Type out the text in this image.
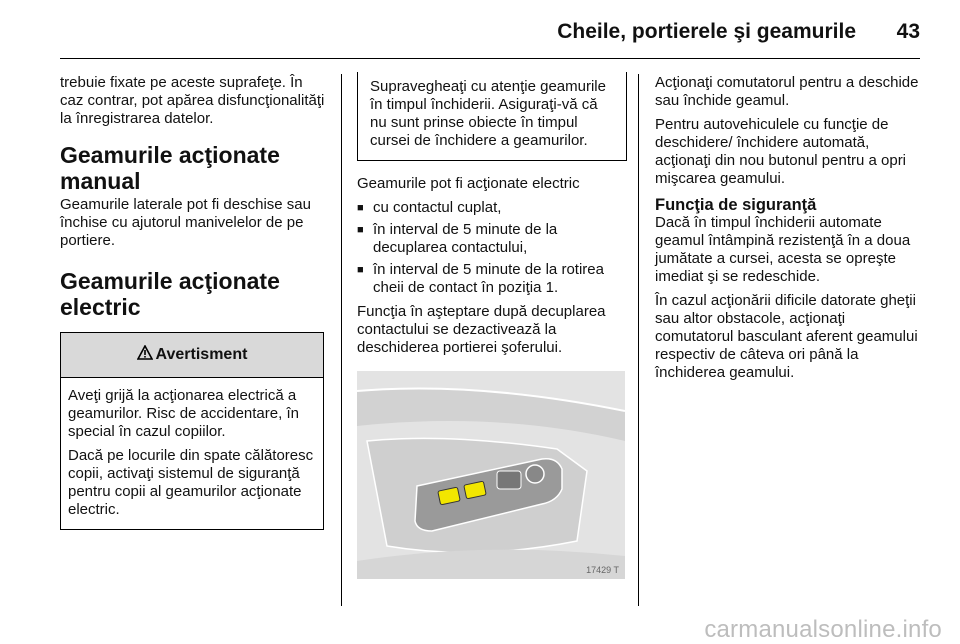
Cheile, portierele şi geamurile 43

trebuie fixate pe aceste suprafeţe. În caz contrar, pot apărea disfuncţionalităţi la înregistrarea datelor.

Geamurile acţionate manual

Geamurile laterale pot fi deschise sau închise cu ajutorul manivelelor de pe portiere.

Geamurile acţionate electric
Avertisment

Aveţi grijă la acţionarea electrică a geamurilor. Risc de accidentare, în special în cazul copiilor.

Dacă pe locurile din spate călătoresc copii, activaţi sistemul de siguranţă pentru copii al geamurilor acţionate electric.

Supravegheaţi cu atenţie geamurile în timpul închiderii. Asiguraţi-vă că nu sunt prinse obiecte în timpul cursei de închidere a geamurilor.

Geamurile pot fi acţionate electric

■ cu contactul cuplat,
■ în interval de 5 minute de la decuplarea contactului,
■ în interval de 5 minute de la rotirea cheii de contact în poziţia 1.

Funcţia în aşteptare după decuplarea contactului se dezactivează la deschiderea portierei şoferului.

17429 T

Acţionaţi comutatorul pentru a deschide sau închide geamul.

Pentru autovehiculele cu funcţie de deschidere/ închidere automată, acţionaţi din nou butonul pentru a opri mişcarea geamului.

Funcţia de siguranţă

Dacă în timpul închiderii automate geamul întâmpină rezistenţă în a doua jumătate a cursei, acesta se opreşte imediat şi se redeschide.

În cazul acţionării dificile datorate gheţii sau altor obstacole, acţionaţi comutatorul basculant aferent geamului respectiv de câteva ori până la închiderea geamului.

carmanualsonline.info
